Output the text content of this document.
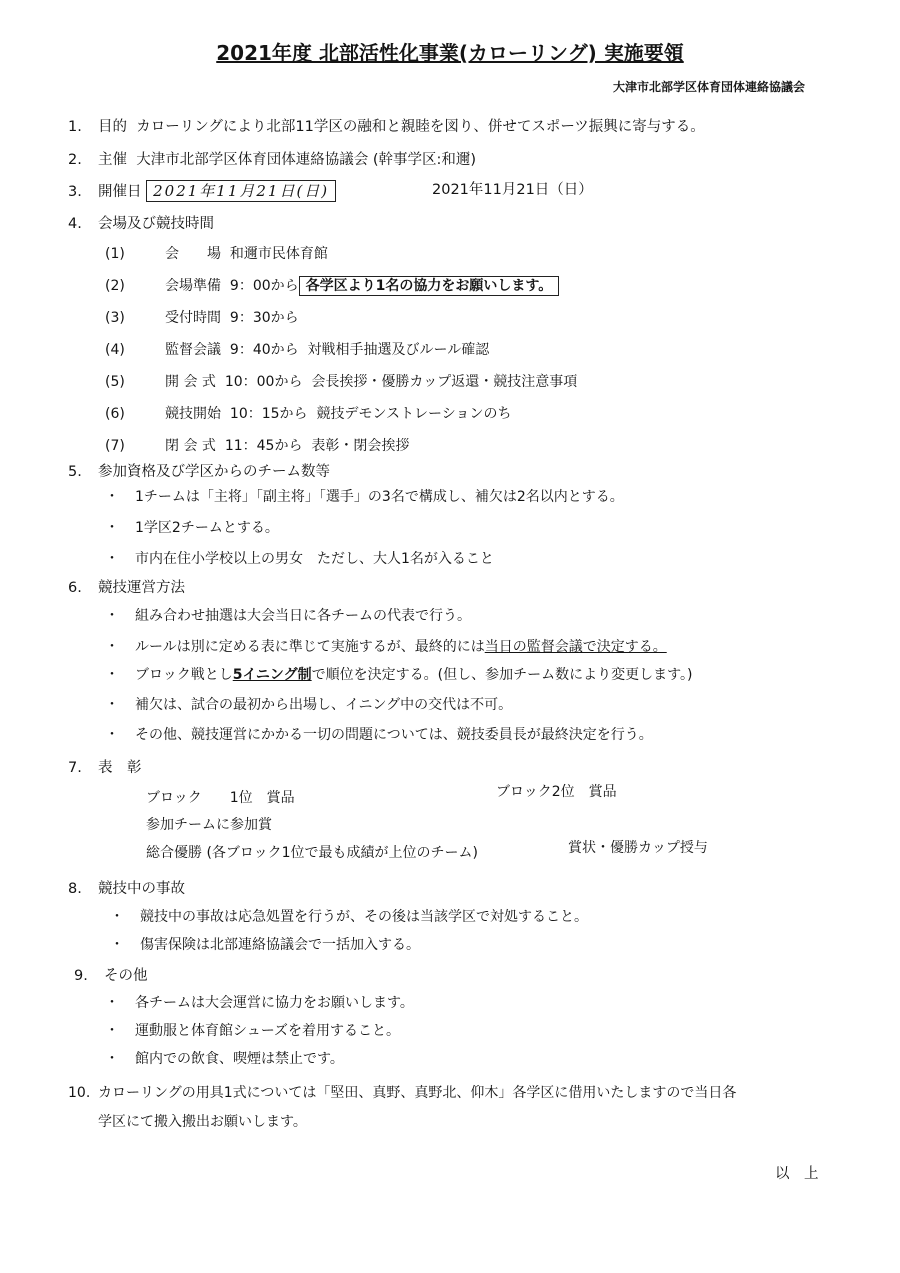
2021年度 北部活性化事業(カローリング) 実施要領
大津市北部学区体育団体連絡協議会
1. 目的 カローリングにより北部11学区の融和と親睦を図り、併せてスポーツ振興に寄与する。
2. 主催 大津市北部学区体育団体連絡協議会 (幹事学区:和邇)
3. 開催日 2021年11月21日(日)	2021年11月21日（日）
4. 会場及び競技時間
(1)	会　　場 和邇市民体育館
(2)	会場準備 9：00から 各学区より1名の協力をお願いします。
(3)	受付時間 9：30から
(4)	監督会議 9：40から 対戦相手抽選及びルール確認
(5)	開 会 式 10：00から 会長挨拶・優勝カップ返還・競技注意事項
(6)	競技開始 10：15から 競技デモンストレーションのち
(7)	閉 会 式 11：45から 表彰・閉会挨拶
5. 参加資格及び学区からのチーム数等
・ 1チームは「主将」「副主将」「選手」の3名で構成し、補欠は2名以内とする。
・ 1学区2チームとする。
・ 市内在住小学校以上の男女　ただし、大人1名が入ること
6. 競技運営方法
・ 組み合わせ抽選は大会当日に各チームの代表で行う。
・ ルールは別に定める表に準じて実施するが、最終的には当日の監督会議で決定する。
・ ブロック戦とし5イニング制で順位を決定する。(但し、参加チーム数により変更します。)
・ 補欠は、試合の最初から出場し、イニング中の交代は不可。
・ その他、競技運営にかかる一切の問題については、競技委員長が最終決定を行う。
7. 表　彰
ブロック　　1位　賞品	ブロック2位　賞品
参加チームに参加賞
総合優勝 (各ブロック1位で最も成績が上位のチーム)	賞状・優勝カップ授与
8. 競技中の事故
・ 競技中の事故は応急処置を行うが、その後は当該学区で対処すること。
・ 傷害保険は北部連絡協議会で一括加入する。
9. その他
・ 各チームは大会運営に協力をお願いします。
・ 運動服と体育館シューズを着用すること。
・ 館内での飲食、喫煙は禁止です。
10. カローリングの用具1式については「堅田、真野、真野北、仰木」各学区に借用いたしますので当日各
学区にて搬入搬出お願いします。
以　上
